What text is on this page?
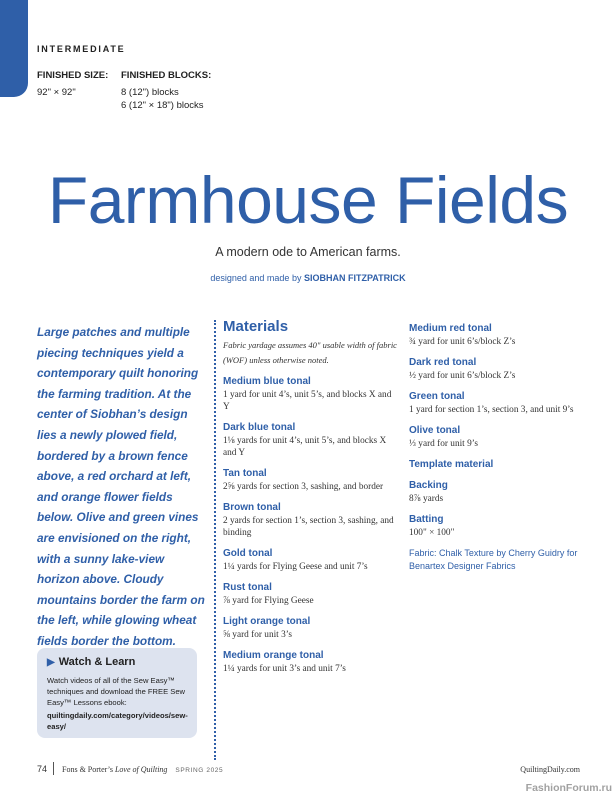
INTERMEDIATE
FINISHED SIZE:
92" × 92"
FINISHED BLOCKS:
8 (12") blocks
6 (12" × 18") blocks
Farmhouse Fields
A modern ode to American farms.
designed and made by SIOBHAN FITZPATRICK
Large patches and multiple piecing techniques yield a contemporary quilt honoring the farming tradition. At the center of Siobhan’s design lies a newly plowed field, bordered by a brown fence above, a red orchard at left, and orange flower fields below. Olive and green vines are envisioned on the right, with a sunny lake-view horizon above. Cloudy mountains border the farm on the left, while glowing wheat fields border the bottom.
▶ Watch & Learn
Watch videos of all of the Sew Easy™ techniques and download the FREE Sew Easy™ Lessons ebook:
quiltingdaily.com/category/videos/sew-easy/
Materials
Fabric yardage assumes 40" usable width of fabric (WOF) unless otherwise noted.
Medium blue tonal
1 yard for unit 4’s, unit 5’s, and blocks X and Y
Dark blue tonal
1⅛ yards for unit 4’s, unit 5’s, and blocks X and Y
Tan tonal
2⅝ yards for section 3, sashing, and border
Brown tonal
2 yards for section 1’s, section 3, sashing, and binding
Gold tonal
1¼ yards for Flying Geese and unit 7’s
Rust tonal
⅞ yard for Flying Geese
Light orange tonal
⅝ yard for unit 3’s
Medium orange tonal
1¼ yards for unit 3’s and unit 7’s
Medium red tonal
¾ yard for unit 6’s/block Z’s
Dark red tonal
½ yard for unit 6’s/block Z’s
Green tonal
1 yard for section 1’s, section 3, and unit 9’s
Olive tonal
⅓ yard for unit 9’s
Template material
Backing
8⅞ yards
Batting
100" × 100"
Fabric: Chalk Texture by Cherry Guidry for Benartex Designer Fabrics
74 Fons & Porter’s Love of Quilting SPRING 2025	QuiltingDaily.com
FashionForum.ru
